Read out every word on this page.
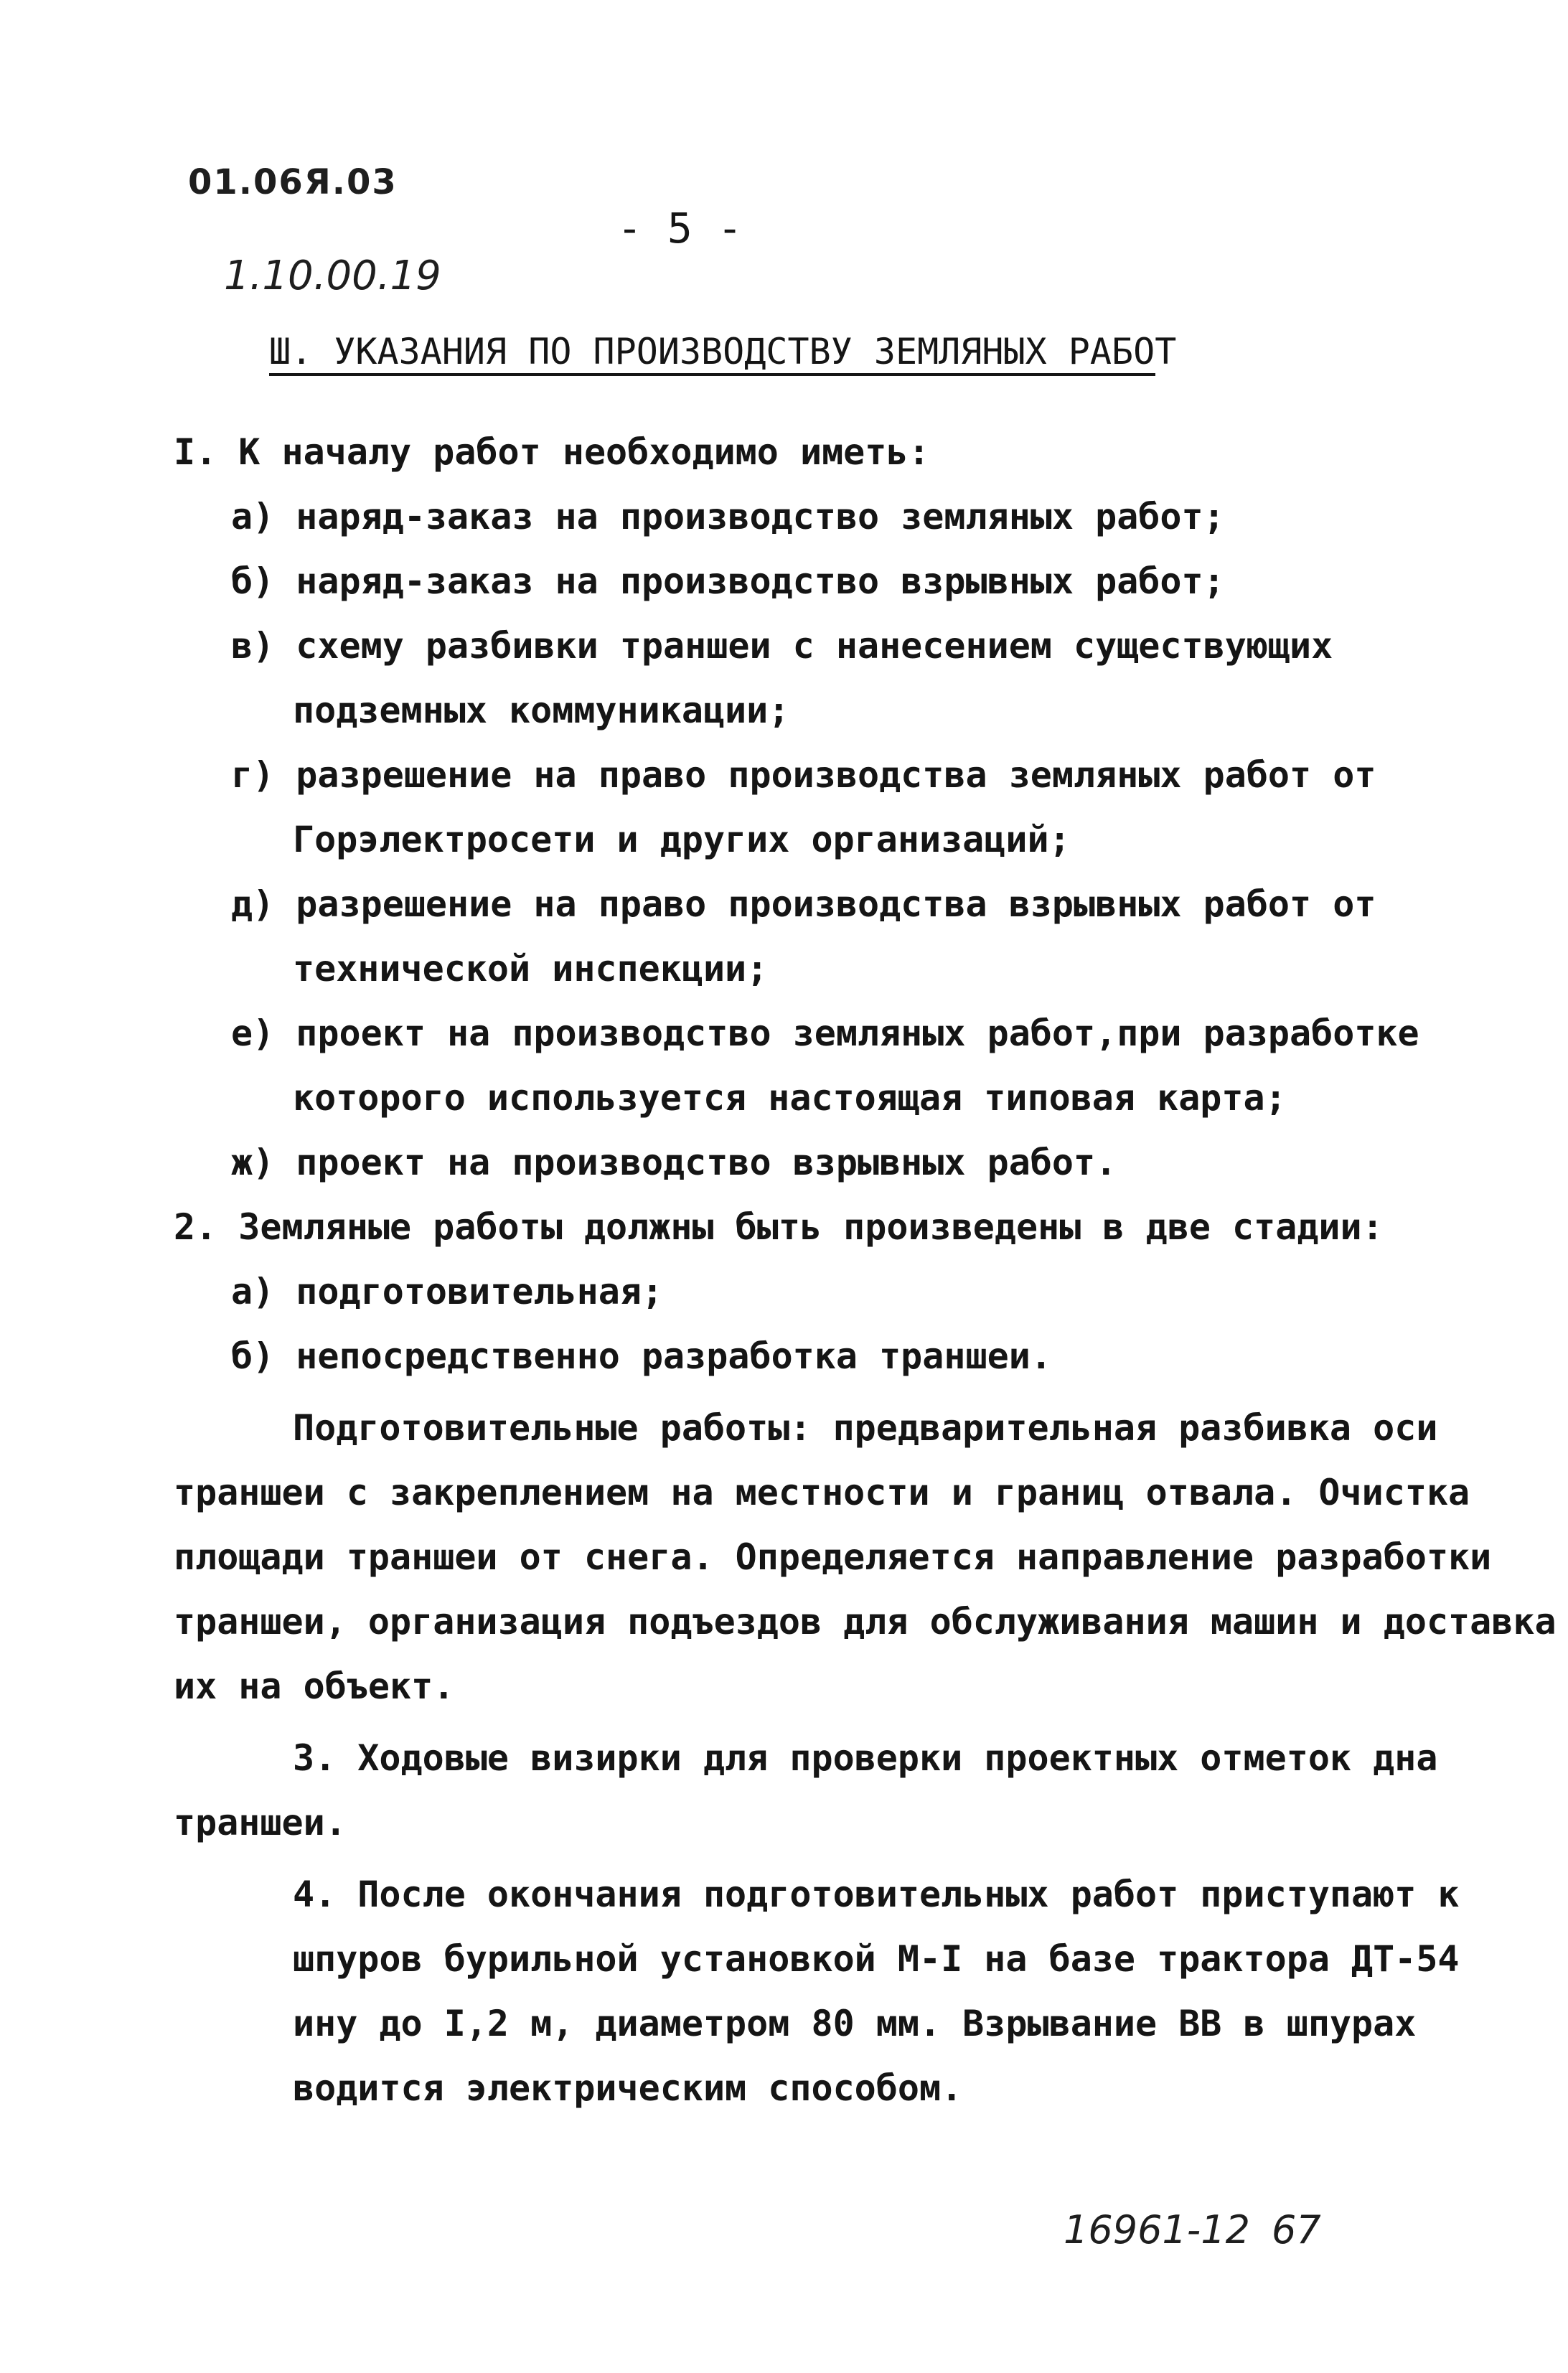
01.06Я.03
- 5 -
1.10.00.19
Ш. УКАЗАНИЯ ПО ПРОИЗВОДСТВУ ЗЕМЛЯНЫХ РАБОТ
I. К началу работ необходимо иметь:
а) наряд-заказ на производство земляных работ;
б) наряд-заказ на производство взрывных работ;
в) схему разбивки траншеи с нанесением существующих
подземных коммуникации;
г) разрешение на право производства земляных работ от
Горэлектросети и других организаций;
д) разрешение на право производства взрывных работ от
технической инспекции;
е) проект на производство земляных работ,при разработке
которого используется настоящая типовая карта;
ж) проект на производство взрывных работ.
2. Земляные работы должны быть произведены в две стадии:
а) подготовительная;
б) непосредственно разработка траншеи.
Подготовительные работы: предварительная разбивка оси
траншеи с закреплением на местности и границ отвала. Очистка
площади траншеи от снега. Определяется направление разработки
траншеи, организация подъездов для обслуживания машин и доставка
их на объект.
3. Ходовые визирки для проверки проектных отметок дна
траншеи.
4. После окончания подготовительных работ приступают к
шпуров бурильной установкой М-I на базе трактора ДТ-54
ину до I,2 м, диаметром 80 мм. Взрывание ВВ в шпурах
водится электрическим способом.
16961-12 67
